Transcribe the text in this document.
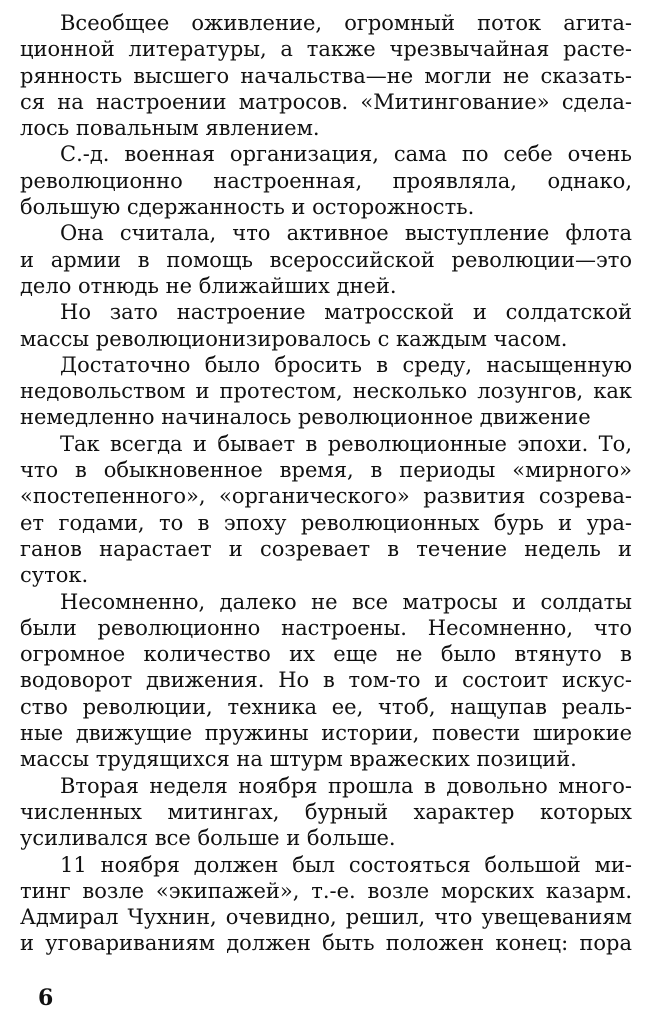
Всеобщее оживление, огромный поток агита-
ционной литературы, а также чрезвычайная расте-
рянность высшего начальства—не могли не сказать-
ся на настроении матросов. «Митингование» сдела-
лось повальным явлением.
С.-д. военная организация, сама по себе очень
революционно настроенная, проявляла, однако,
большую сдержанность и осторожность.
Она считала, что активное выступление флота
и армии в помощь всероссийской революции—это
дело отнюдь не ближайших дней.
Но зато настроение матросской и солдатской
массы революционизировалось с каждым часом.
Достаточно было бросить в среду, насыщенную
недовольством и протестом, несколько лозунгов, как
немедленно начиналось революционное движение
Так всегда и бывает в революционные эпохи. То,
что в обыкновенное время, в периоды «мирного»
«постепенного», «органического» развития созрева-
ет годами, то в эпоху революционных бурь и ура-
ганов нарастает и созревает в течение недель и
суток.
Несомненно, далеко не все матросы и солдаты
были революционно настроены. Несомненно, что
огромное количество их еще не было втянуто в
водоворот движения. Но в том-то и состоит искус-
ство революции, техника ее, чтоб, нащупав реаль-
ные движущие пружины истории, повести широкие
массы трудящихся на штурм вражеских позиций.
Вторая неделя ноября прошла в довольно много-
численных митингах, бурный характер которых
усиливался все больше и больше.
11 ноября должен был состояться большой ми-
тинг возле «экипажей», т.-е. возле морских казарм.
Адмирал Чухнин, очевидно, решил, что увещеваниям
и уговариваниям должен быть положен конец: пора
6
